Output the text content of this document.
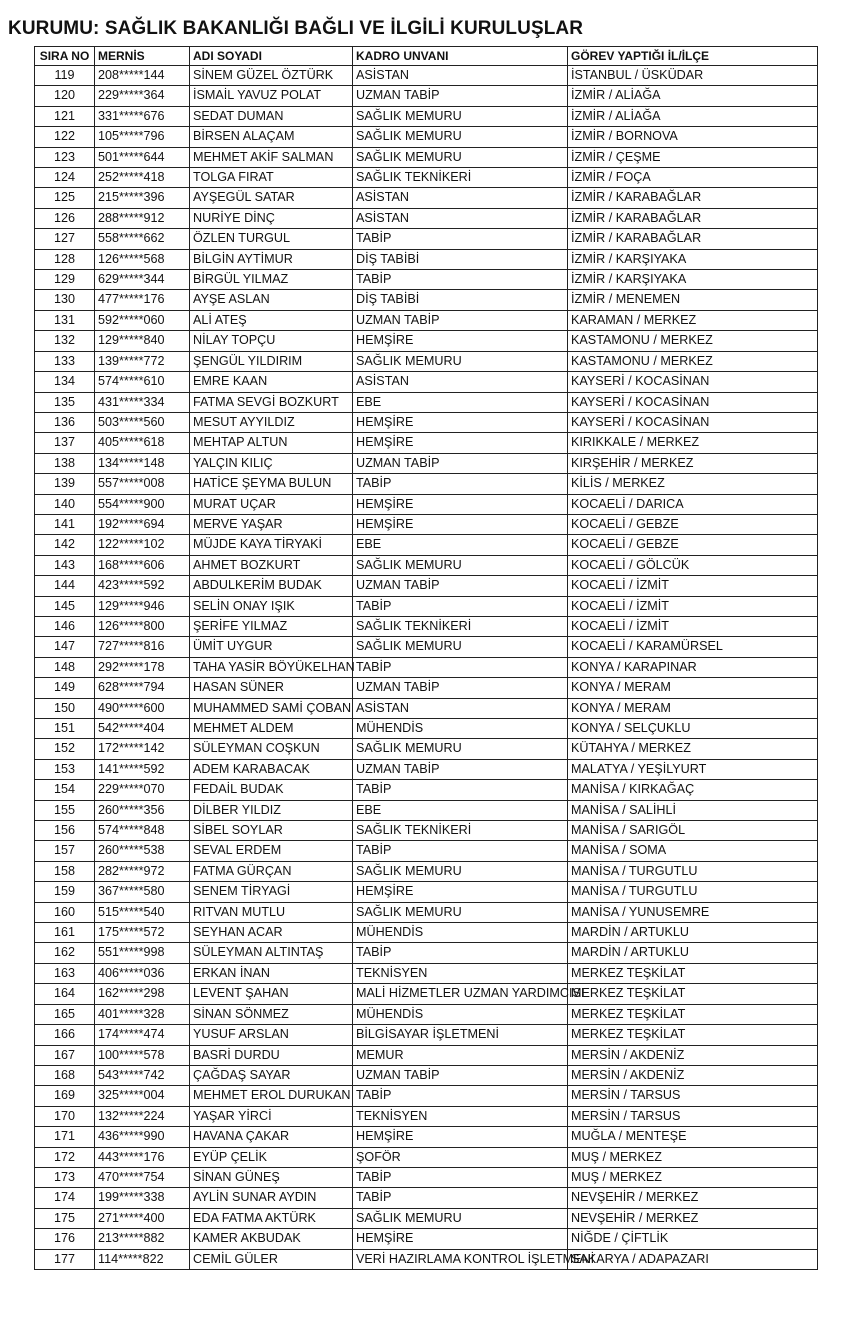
KURUMU: SAĞLIK BAKANLIĞI BAĞLI VE İLGİLİ KURULUŞLAR
SIRA NO	MERNİS	ADI SOYADI	KADRO UNVANI	GÖREV YAPTIĞI İL/İLÇE
119	208*****144	SİNEM GÜZEL ÖZTÜRK	ASİSTAN	İSTANBUL / ÜSKÜDAR
120	229*****364	İSMAİL YAVUZ POLAT	UZMAN TABİP	İZMİR / ALİAĞA
121	331*****676	SEDAT DUMAN	SAĞLIK MEMURU	İZMİR / ALİAĞA
122	105*****796	BİRSEN ALAÇAM	SAĞLIK MEMURU	İZMİR / BORNOVA
123	501*****644	MEHMET AKİF SALMAN	SAĞLIK MEMURU	İZMİR / ÇEŞME
124	252*****418	TOLGA FIRAT	SAĞLIK TEKNİKERİ	İZMİR / FOÇA
125	215*****396	AYŞEGÜL SATAR	ASİSTAN	İZMİR / KARABAĞLAR
126	288*****912	NURİYE DİNÇ	ASİSTAN	İZMİR / KARABAĞLAR
127	558*****662	ÖZLEN TURGUL	TABİP	İZMİR / KARABAĞLAR
128	126*****568	BİLGİN AYTİMUR	DİŞ TABİBİ	İZMİR / KARŞIYAKA
129	629*****344	BİRGÜL YILMAZ	TABİP	İZMİR / KARŞIYAKA
130	477*****176	AYŞE ASLAN	DİŞ TABİBİ	İZMİR / MENEMEN
131	592*****060	ALİ ATEŞ	UZMAN TABİP	KARAMAN / MERKEZ
132	129*****840	NİLAY TOPÇU	HEMŞİRE	KASTAMONU / MERKEZ
133	139*****772	ŞENGÜL YILDIRIM	SAĞLIK MEMURU	KASTAMONU / MERKEZ
134	574*****610	EMRE KAAN	ASİSTAN	KAYSERİ / KOCASİNAN
135	431*****334	FATMA SEVGİ BOZKURT	EBE	KAYSERİ / KOCASİNAN
136	503*****560	MESUT AYYILDIZ	HEMŞİRE	KAYSERİ / KOCASİNAN
137	405*****618	MEHTAP ALTUN	HEMŞİRE	KIRIKKALE / MERKEZ
138	134*****148	YALÇIN KILIÇ	UZMAN TABİP	KIRŞEHİR / MERKEZ
139	557*****008	HATİCE ŞEYMA BULUN	TABİP	KİLİS / MERKEZ
140	554*****900	MURAT UÇAR	HEMŞİRE	KOCAELİ / DARICA
141	192*****694	MERVE YAŞAR	HEMŞİRE	KOCAELİ / GEBZE
142	122*****102	MÜJDE KAYA TİRYAKİ	EBE	KOCAELİ / GEBZE
143	168*****606	AHMET BOZKURT	SAĞLIK MEMURU	KOCAELİ / GÖLCÜK
144	423*****592	ABDULKERİM BUDAK	UZMAN TABİP	KOCAELİ / İZMİT
145	129*****946	SELİN ONAY IŞIK	TABİP	KOCAELİ / İZMİT
146	126*****800	ŞERİFE YILMAZ	SAĞLIK TEKNİKERİ	KOCAELİ / İZMİT
147	727*****816	ÜMİT UYGUR	SAĞLIK MEMURU	KOCAELİ / KARAMÜRSEL
148	292*****178	TAHA YASİR BÖYÜKELHAN	TABİP	KONYA / KARAPINAR
149	628*****794	HASAN SÜNER	UZMAN TABİP	KONYA / MERAM
150	490*****600	MUHAMMED SAMİ ÇOBAN	ASİSTAN	KONYA / MERAM
151	542*****404	MEHMET ALDEM	MÜHENDİS	KONYA / SELÇUKLU
152	172*****142	SÜLEYMAN COŞKUN	SAĞLIK MEMURU	KÜTAHYA / MERKEZ
153	141*****592	ADEM KARABACAK	UZMAN TABİP	MALATYA / YEŞİLYURT
154	229*****070	FEDAİL BUDAK	TABİP	MANİSA / KIRKAĞAÇ
155	260*****356	DİLBER YILDIZ	EBE	MANİSA / SALİHLİ
156	574*****848	SİBEL SOYLAR	SAĞLIK TEKNİKERİ	MANİSA / SARIGÖL
157	260*****538	SEVAL ERDEM	TABİP	MANİSA / SOMA
158	282*****972	FATMA GÜRÇAN	SAĞLIK MEMURU	MANİSA / TURGUTLU
159	367*****580	SENEM TİRYAGİ	HEMŞİRE	MANİSA / TURGUTLU
160	515*****540	RITVAN MUTLU	SAĞLIK MEMURU	MANİSA / YUNUSEMRE
161	175*****572	SEYHAN ACAR	MÜHENDİS	MARDİN / ARTUKLU
162	551*****998	SÜLEYMAN ALTINTAŞ	TABİP	MARDİN / ARTUKLU
163	406*****036	ERKAN İNAN	TEKNİSYEN	MERKEZ TEŞKİLAT
164	162*****298	LEVENT ŞAHAN	MALİ HİZMETLER UZMAN YARDIMCISI	MERKEZ TEŞKİLAT
165	401*****328	SİNAN SÖNMEZ	MÜHENDİS	MERKEZ TEŞKİLAT
166	174*****474	YUSUF ARSLAN	BİLGİSAYAR İŞLETMENİ	MERKEZ TEŞKİLAT
167	100*****578	BASRİ DURDU	MEMUR	MERSİN / AKDENİZ
168	543*****742	ÇAĞDAŞ SAYAR	UZMAN TABİP	MERSİN / AKDENİZ
169	325*****004	MEHMET EROL DURUKAN	TABİP	MERSİN / TARSUS
170	132*****224	YAŞAR YİRCİ	TEKNİSYEN	MERSİN / TARSUS
171	436*****990	HAVANA ÇAKAR	HEMŞİRE	MUĞLA / MENTEŞE
172	443*****176	EYÜP ÇELİK	ŞOFÖR	MUŞ / MERKEZ
173	470*****754	SİNAN GÜNEŞ	TABİP	MUŞ / MERKEZ
174	199*****338	AYLİN SUNAR AYDIN	TABİP	NEVŞEHİR / MERKEZ
175	271*****400	EDA FATMA AKTÜRK	SAĞLIK MEMURU	NEVŞEHİR / MERKEZ
176	213*****882	KAMER AKBUDAK	HEMŞİRE	NİĞDE / ÇİFTLİK
177	114*****822	CEMİL GÜLER	VERİ HAZIRLAMA KONTROL İŞLETMENİ	SAKARYA / ADAPAZARI
